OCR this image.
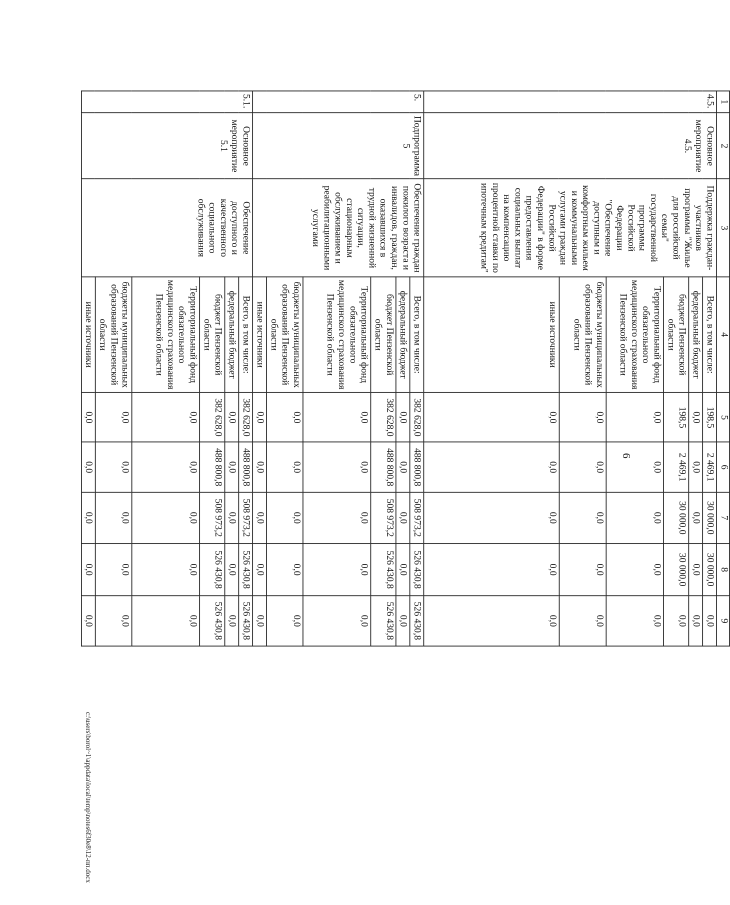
6
c:\users\borol~1\appdata\local\temp\notes6f30e8\12-пп.docx
1	2	3	4	5	6	7	8	9
4.5.	Основное мероприятие 4.5.	Поддержка граждан-участников программы "Жилье для российской семьи" государственной программы Российской Федерации "Обеспечение доступным и комфортным жильем и коммунальными услугами граждан Российской Федерации" в форме предоставления социальных выплат на компенсацию процентной ставки по ипотечным кредитам"	Всего, в том числе:	198,5	2 469,1	30 000,0	30 000,0	0,0
			федеральный бюджет	0,0	0,0	0,0	0,0	0,0
			бюджет Пензенской области	198,5	2 469,1	30 000,0	30 000,0	0,0
			Территориальный фонд обязательного медицинского страхования Пензенской области	0,0	0,0	0,0	0,0	0,0
			бюджеты муниципальных образований Пензенской области	0,0	0,0	0,0	0,0	0,0
			иные источники	0,0	0,0	0,0	0,0	0,0
5.	Подпрограмма 5	Обеспечение граждан пожилого возраста и инвалидов, граждан, оказавшихся в трудной жизненной ситуации, стационарным обслуживанием и реабилитационными услугами	Всего, в том числе:	382 628,0	488 800,8	508 973,2	526 430,8	526 430,8
			федеральный бюджет	0,0	0,0	0,0	0,0	0,0
			бюджет Пензенской области	382 628,0	488 800,8	508 973,2	526 430,8	526 430,8
			Территориальный фонд обязательного медицинского страхования Пензенской области	0,0	0,0	0,0	0,0	0,0
			бюджеты муниципальных образований Пензенской области	0,0	0,0	0,0	0,0	0,0
			иные источники	0,0	0,0	0,0	0,0	0,0
5.1.	Основное мероприятие 5.1	Обеспечение доступного и качественного социального обслуживания	Всего, в том числе:	382 628,0	488 800,8	508 973,2	526 430,8	526 430,8
			федеральный бюджет	0,0	0,0	0,0	0,0	0,0
			бюджет Пензенской области	382 628,0	488 800,8	508 973,2	526 430,8	526 430,8
			Территориальный фонд обязательного медицинского страхования Пензенской области	0,0	0,0	0,0	0,0	0,0
			бюджеты муниципальных образований Пензенской области	0,0	0,0	0,0	0,0	0,0
			иные источники	0,0	0,0	0,0	0,0	0,0
